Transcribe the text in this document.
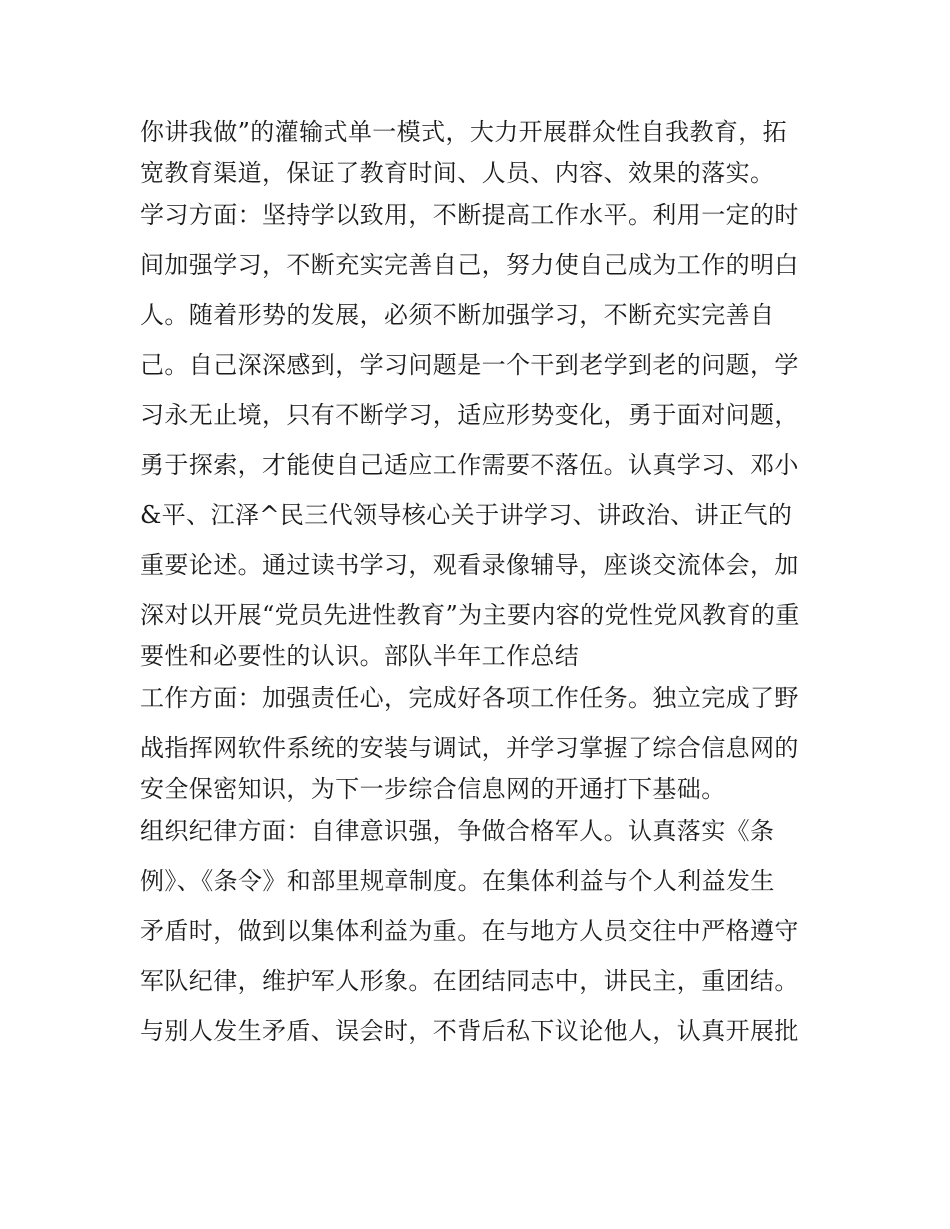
你讲我做”的灌输式单一模式，大力开展群众性自我教育，拓
宽教育渠道，保证了教育时间、人员、内容、效果的落实。
学习方面：坚持学以致用，不断提高工作水平。利用一定的时
间加强学习，不断充实完善自己，努力使自己成为工作的明白
人。随着形势的发展，必须不断加强学习，不断充实完善自
己。自己深深感到，学习问题是一个干到老学到老的问题，学
习永无止境，只有不断学习，适应形势变化，勇于面对问题，
勇于探索，才能使自己适应工作需要不落伍。认真学习、邓小
&平、江泽^民三代领导核心关于讲学习、讲政治、讲正气的
重要论述。通过读书学习，观看录像辅导，座谈交流体会，加
深对以开展“党员先进性教育”为主要内容的党性党风教育的重
要性和必要性的认识。部队半年工作总结
工作方面：加强责任心，完成好各项工作任务。独立完成了野
战指挥网软件系统的安装与调试，并学习掌握了综合信息网的
安全保密知识，为下一步综合信息网的开通打下基础。
组织纪律方面：自律意识强，争做合格军人。认真落实《条
例》、《条令》和部里规章制度。在集体利益与个人利益发生
矛盾时，做到以集体利益为重。在与地方人员交往中严格遵守
军队纪律，维护军人形象。在团结同志中，讲民主，重团结。
与别人发生矛盾、误会时，不背后私下议论他人，认真开展批
